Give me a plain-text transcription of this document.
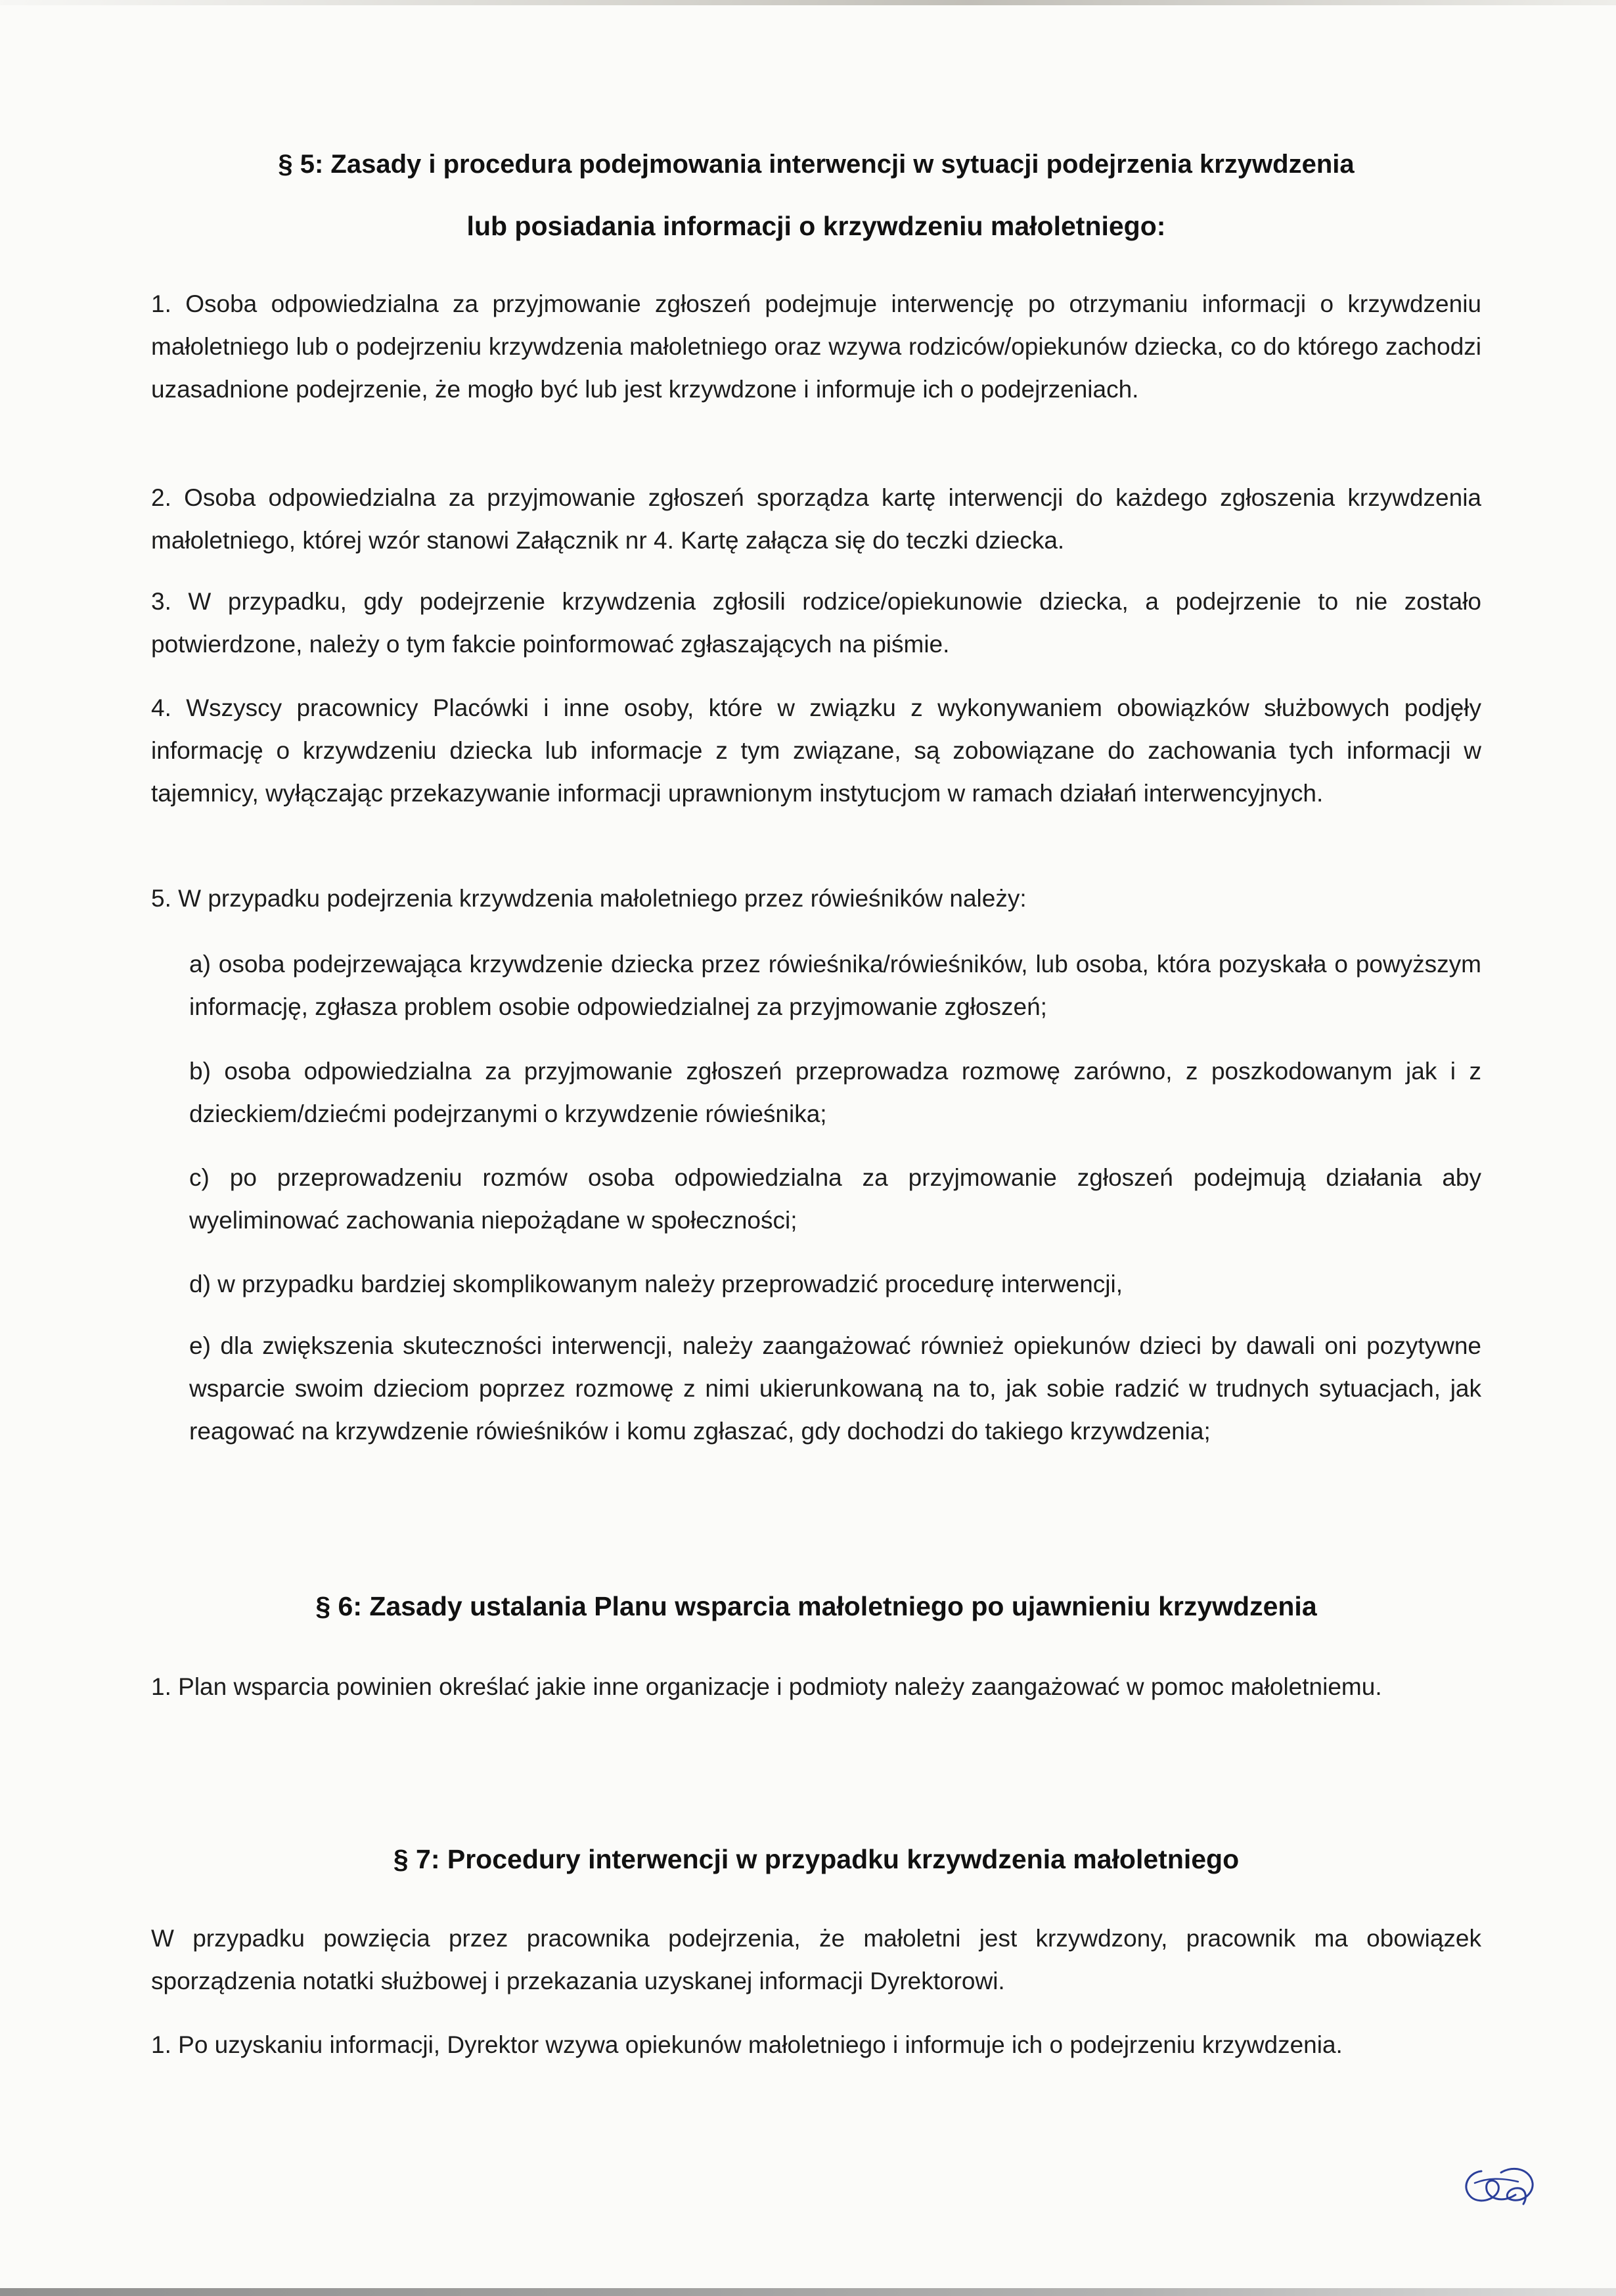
§ 5: Zasady i procedura podejmowania interwencji w sytuacji podejrzenia krzywdzenia
lub posiadania informacji o krzywdzeniu małoletniego:

1. Osoba odpowiedzialna za przyjmowanie zgłoszeń podejmuje interwencję po otrzymaniu informacji o krzywdzeniu małoletniego lub o podejrzeniu krzywdzenia małoletniego oraz wzywa rodziców/opiekunów dziecka, co do którego zachodzi uzasadnione podejrzenie, że mogło być lub jest krzywdzone i informuje ich o podejrzeniach.

2. Osoba odpowiedzialna za przyjmowanie zgłoszeń sporządza kartę interwencji do każdego zgłoszenia krzywdzenia małoletniego, której wzór stanowi Załącznik nr 4. Kartę załącza się do teczki dziecka.

3. W przypadku, gdy podejrzenie krzywdzenia zgłosili rodzice/opiekunowie dziecka, a podejrzenie to nie zostało potwierdzone, należy o tym fakcie poinformować zgłaszających na piśmie.

4. Wszyscy pracownicy Placówki i inne osoby, które w związku z wykonywaniem obowiązków służbowych podjęły informację o krzywdzeniu dziecka lub informacje z tym związane, są zobowiązane do zachowania tych informacji w tajemnicy, wyłączając przekazywanie informacji uprawnionym instytucjom w ramach działań interwencyjnych.

5. W przypadku podejrzenia krzywdzenia małoletniego przez rówieśników należy:

a) osoba podejrzewająca krzywdzenie dziecka przez rówieśnika/rówieśników, lub osoba, która pozyskała o powyższym informację, zgłasza problem osobie odpowiedzialnej za przyjmowanie zgłoszeń;

b) osoba odpowiedzialna za przyjmowanie zgłoszeń przeprowadza rozmowę zarówno, z poszkodowanym jak i z dzieckiem/dziećmi podejrzanymi o krzywdzenie rówieśnika;

c) po przeprowadzeniu rozmów osoba odpowiedzialna za przyjmowanie zgłoszeń podejmują działania aby wyeliminować zachowania niepożądane w społeczności;

d) w przypadku bardziej skomplikowanym należy przeprowadzić procedurę interwencji,

e) dla zwiększenia skuteczności interwencji, należy zaangażować również opiekunów dzieci by dawali oni pozytywne wsparcie swoim dzieciom poprzez rozmowę z nimi ukierunkowaną na to, jak sobie radzić w trudnych sytuacjach, jak reagować na krzywdzenie rówieśników i komu zgłaszać, gdy dochodzi do takiego krzywdzenia;

§ 6: Zasady ustalania Planu wsparcia małoletniego po ujawnieniu krzywdzenia

1. Plan wsparcia powinien określać jakie inne organizacje i podmioty należy zaangażować w pomoc małoletniemu.

§ 7: Procedury interwencji w przypadku krzywdzenia małoletniego

W przypadku powzięcia przez pracownika podejrzenia, że małoletni jest krzywdzony, pracownik ma obowiązek sporządzenia notatki służbowej i przekazania uzyskanej informacji Dyrektorowi.

1. Po uzyskaniu informacji, Dyrektor wzywa opiekunów małoletniego i informuje ich o podejrzeniu krzywdzenia.
